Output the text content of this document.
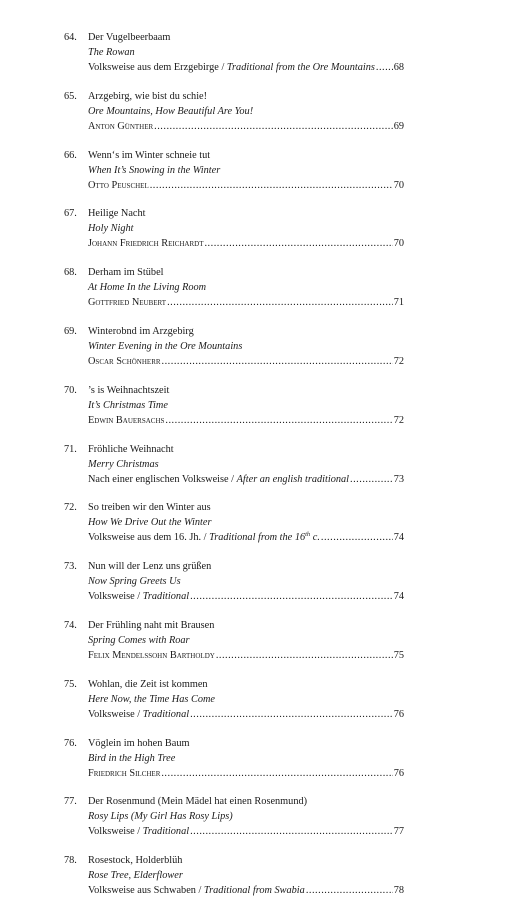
64. Der Vugelbeerbaam
The Rowan
Volksweise aus dem Erzgebirge / Traditional from the Ore Mountains ..... 68
65. Arzgebirg, wie bist du schie!
Ore Mountains, How Beautiful Are You!
Anton Günther .....	69
66. Wenn‘s im Winter schneie tut
When It’s Snowing in the Winter
Otto Peuschel .....	70
67. Heilige Nacht
Holy Night
Johann Friedrich Reichardt .....	70
68. Derham im Stübel
At Home In the Living Room
Gottfried Neubert .....	71
69. Winterobnd im Arzgebirg
Winter Evening in the Ore Mountains
Oscar Schönherr .....	72
70. ’s is Weihnachtszeit
It’s Christmas Time
Edwin Bauersachs .....	72
71. Fröhliche Weihnacht
Merry Christmas
Nach einer englischen Volksweise / After an english traditional .....	73
72. So treiben wir den Winter aus
How We Drive Out the Winter
Volksweise aus dem 16. Jh. / Traditional from the 16th c. .....	74
73. Nun will der Lenz uns grüßen
Now Spring Greets Us
Volksweise / Traditional .....	74
74. Der Frühling naht mit Brausen
Spring Comes with Roar
Felix Mendelssohn Bartholdy .....	75
75. Wohlan, die Zeit ist kommen
Here Now, the Time Has Come
Volksweise / Traditional .....	76
76. Vöglein im hohen Baum
Bird in the High Tree
Friedrich Silcher .....	76
77. Der Rosenmund (Mein Mädel hat einen Rosenmund)
Rosy Lips (My Girl Has Rosy Lips)
Volksweise / Traditional .....	77
78. Rosestock, Holderblüh
Rose Tree, Elderflower
Volksweise aus Schwaben / Traditional from Swabia .....	78
